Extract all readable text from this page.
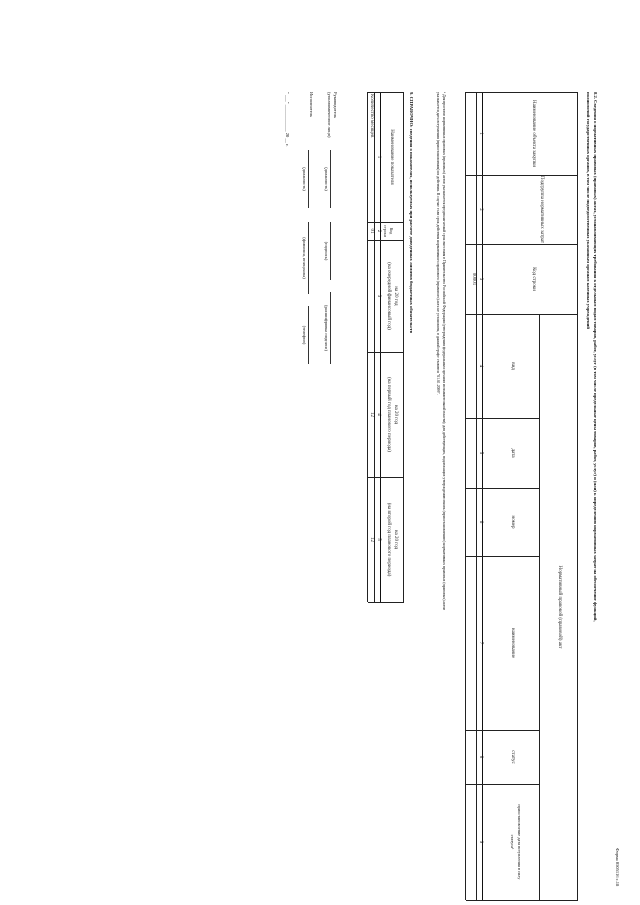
Форма 0505116 с.18
8.2. Сведения о нормативных правовых (правовых) актах, устанавливающих требования к отдельным видам товаров, работ, услуг (в том числе предельные цены товаров, работ, услуг) и (или) к определению нормативных затрат на обеспечение функций,
полномочий государственных органов, в том числе подведомственных указанным органам казенных учреждений
Наименование объекта закупки
Подгруппа нормативных затрат
Код строки
Нормативный правовой (правовой) акт
вид
дата
номер
наименование
статус
приостановление дата вступления в силу
статуса¹
1
2
3
4
5
6
7
8
9
00001
¹ Для проектов нормативных правовых (правовых) актов указывается предполагаемый срок внесения в Правительство Российской Федерации (утверждения федеральным органом исполнительной власти); для действующих, подлежащих утверждению вновь (приостановлению) нормативных правовых (правовых) актов
указывается дата вступления (приостановления) их действия. В случае если срок действия нормативного правового (правового) акта не установлен, в данной графе ставится "01.01.2099".
9. СПРАВОЧНО: сведения о показателях, используемых при расчете доведенных лимитов бюджетных обязательств
Наименование показателя
Код строки
на 20 год
(на очередной финансовый год)
на 20 год
(на первый год планового периода)
на 20 год
(на второй год планового периода)
1
2
3
4
5
Количество месяцев
01
12
12
Руководитель
(уполномоченное лицо)
(должность)
(подпись)
(расшифровка подписи)
Исполнитель
(должность)
(фамилия, инициалы)
(телефон)
" ___" ____________ 20 __ г.
